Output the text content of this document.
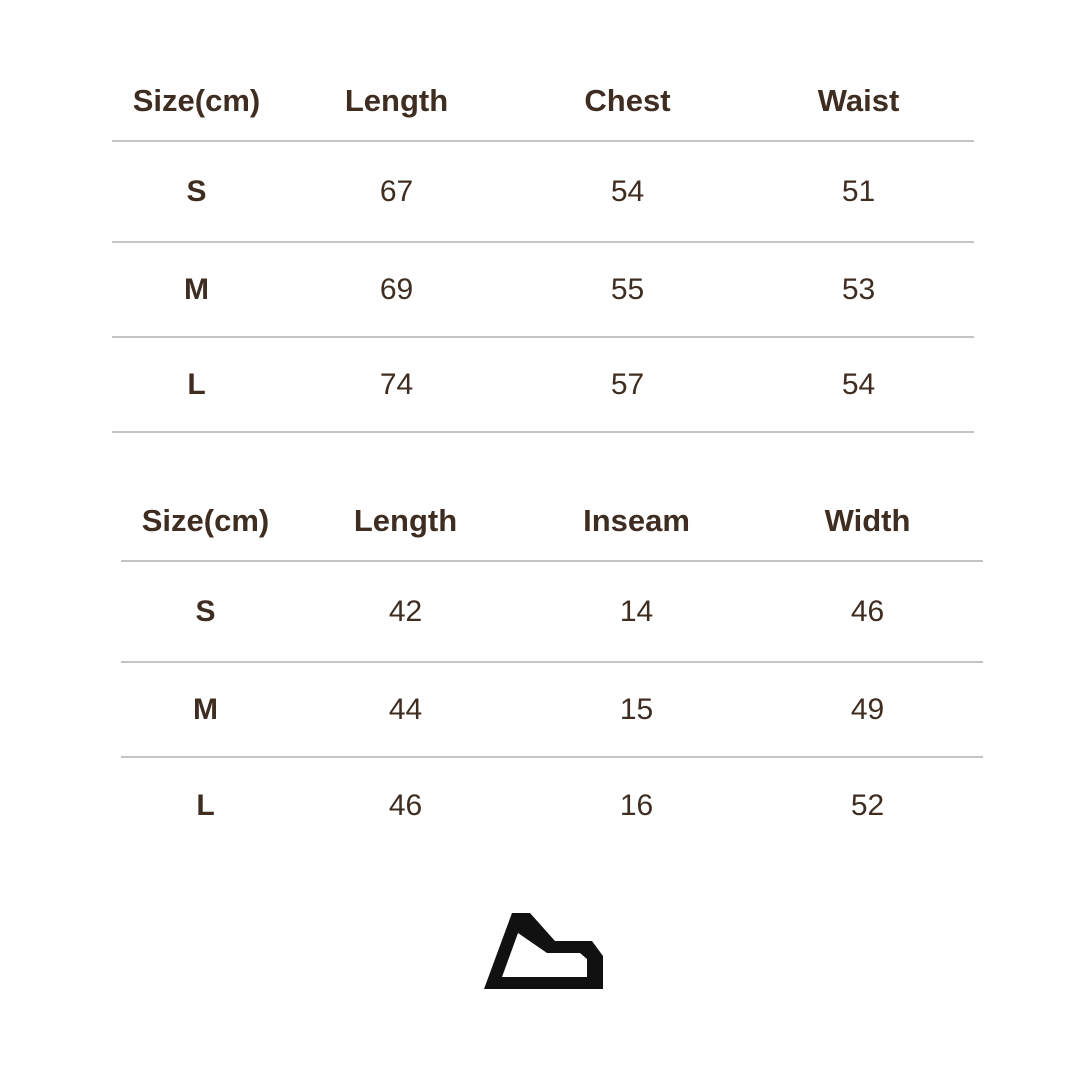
Size(cm)	Length	Chest	Waist
S	67	54	51
M	69	55	53
L	74	57	54
Size(cm)	Length	Inseam	Width
S	42	14	46
M	44	15	49
L	46	16	52
